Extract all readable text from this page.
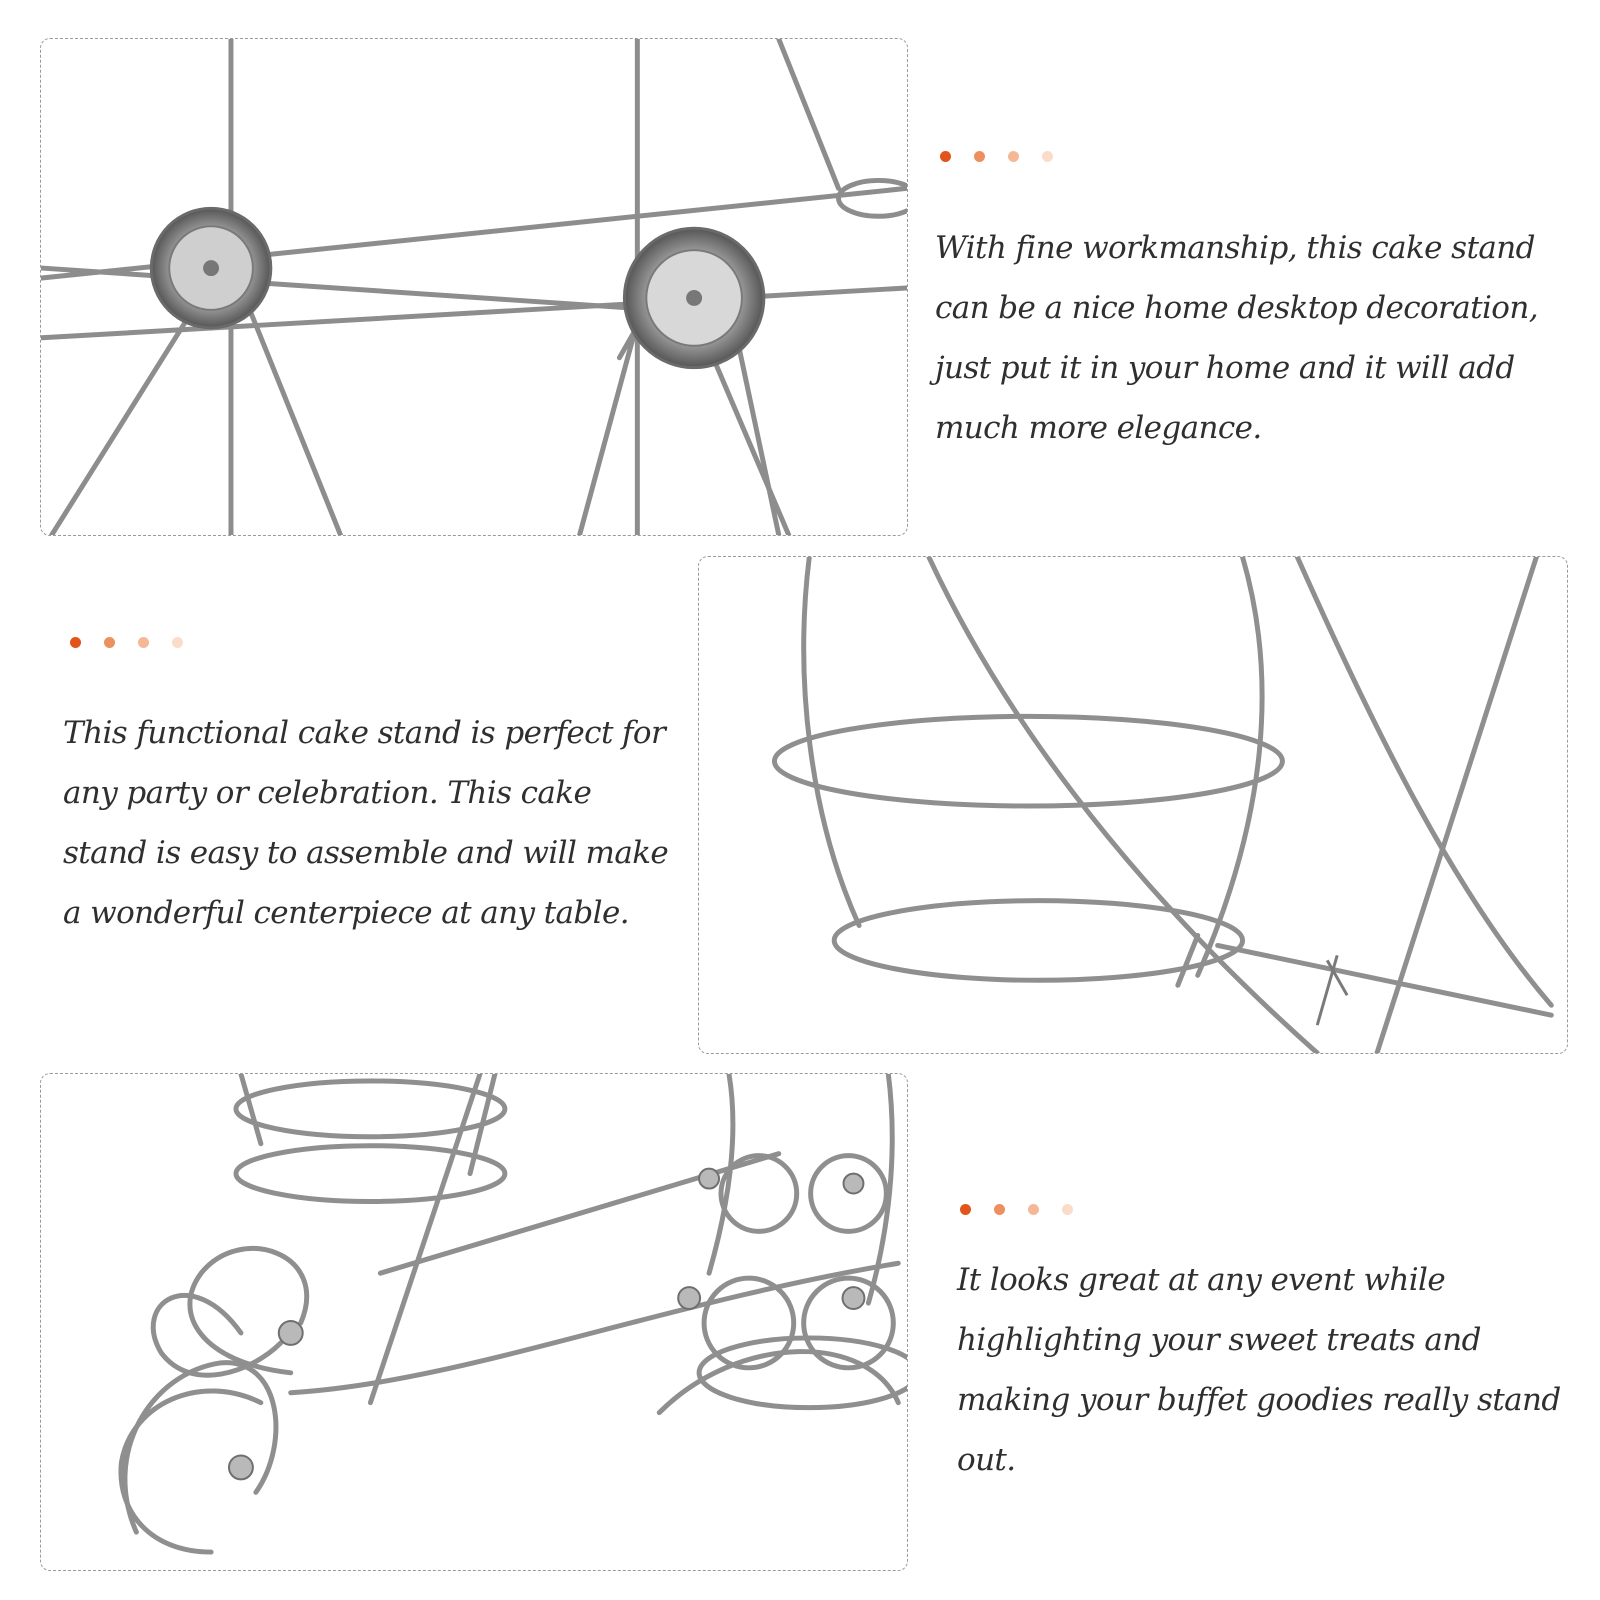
With fine workmanship, this cake stand can be a nice home desktop decoration, just put it in your home and it will add much more elegance.
This functional cake stand is perfect for any party or celebration. This cake stand is easy to assemble and will make a wonderful centerpiece at any table.
It looks great at any event while highlighting your sweet treats and making your buffet goodies really stand out.
